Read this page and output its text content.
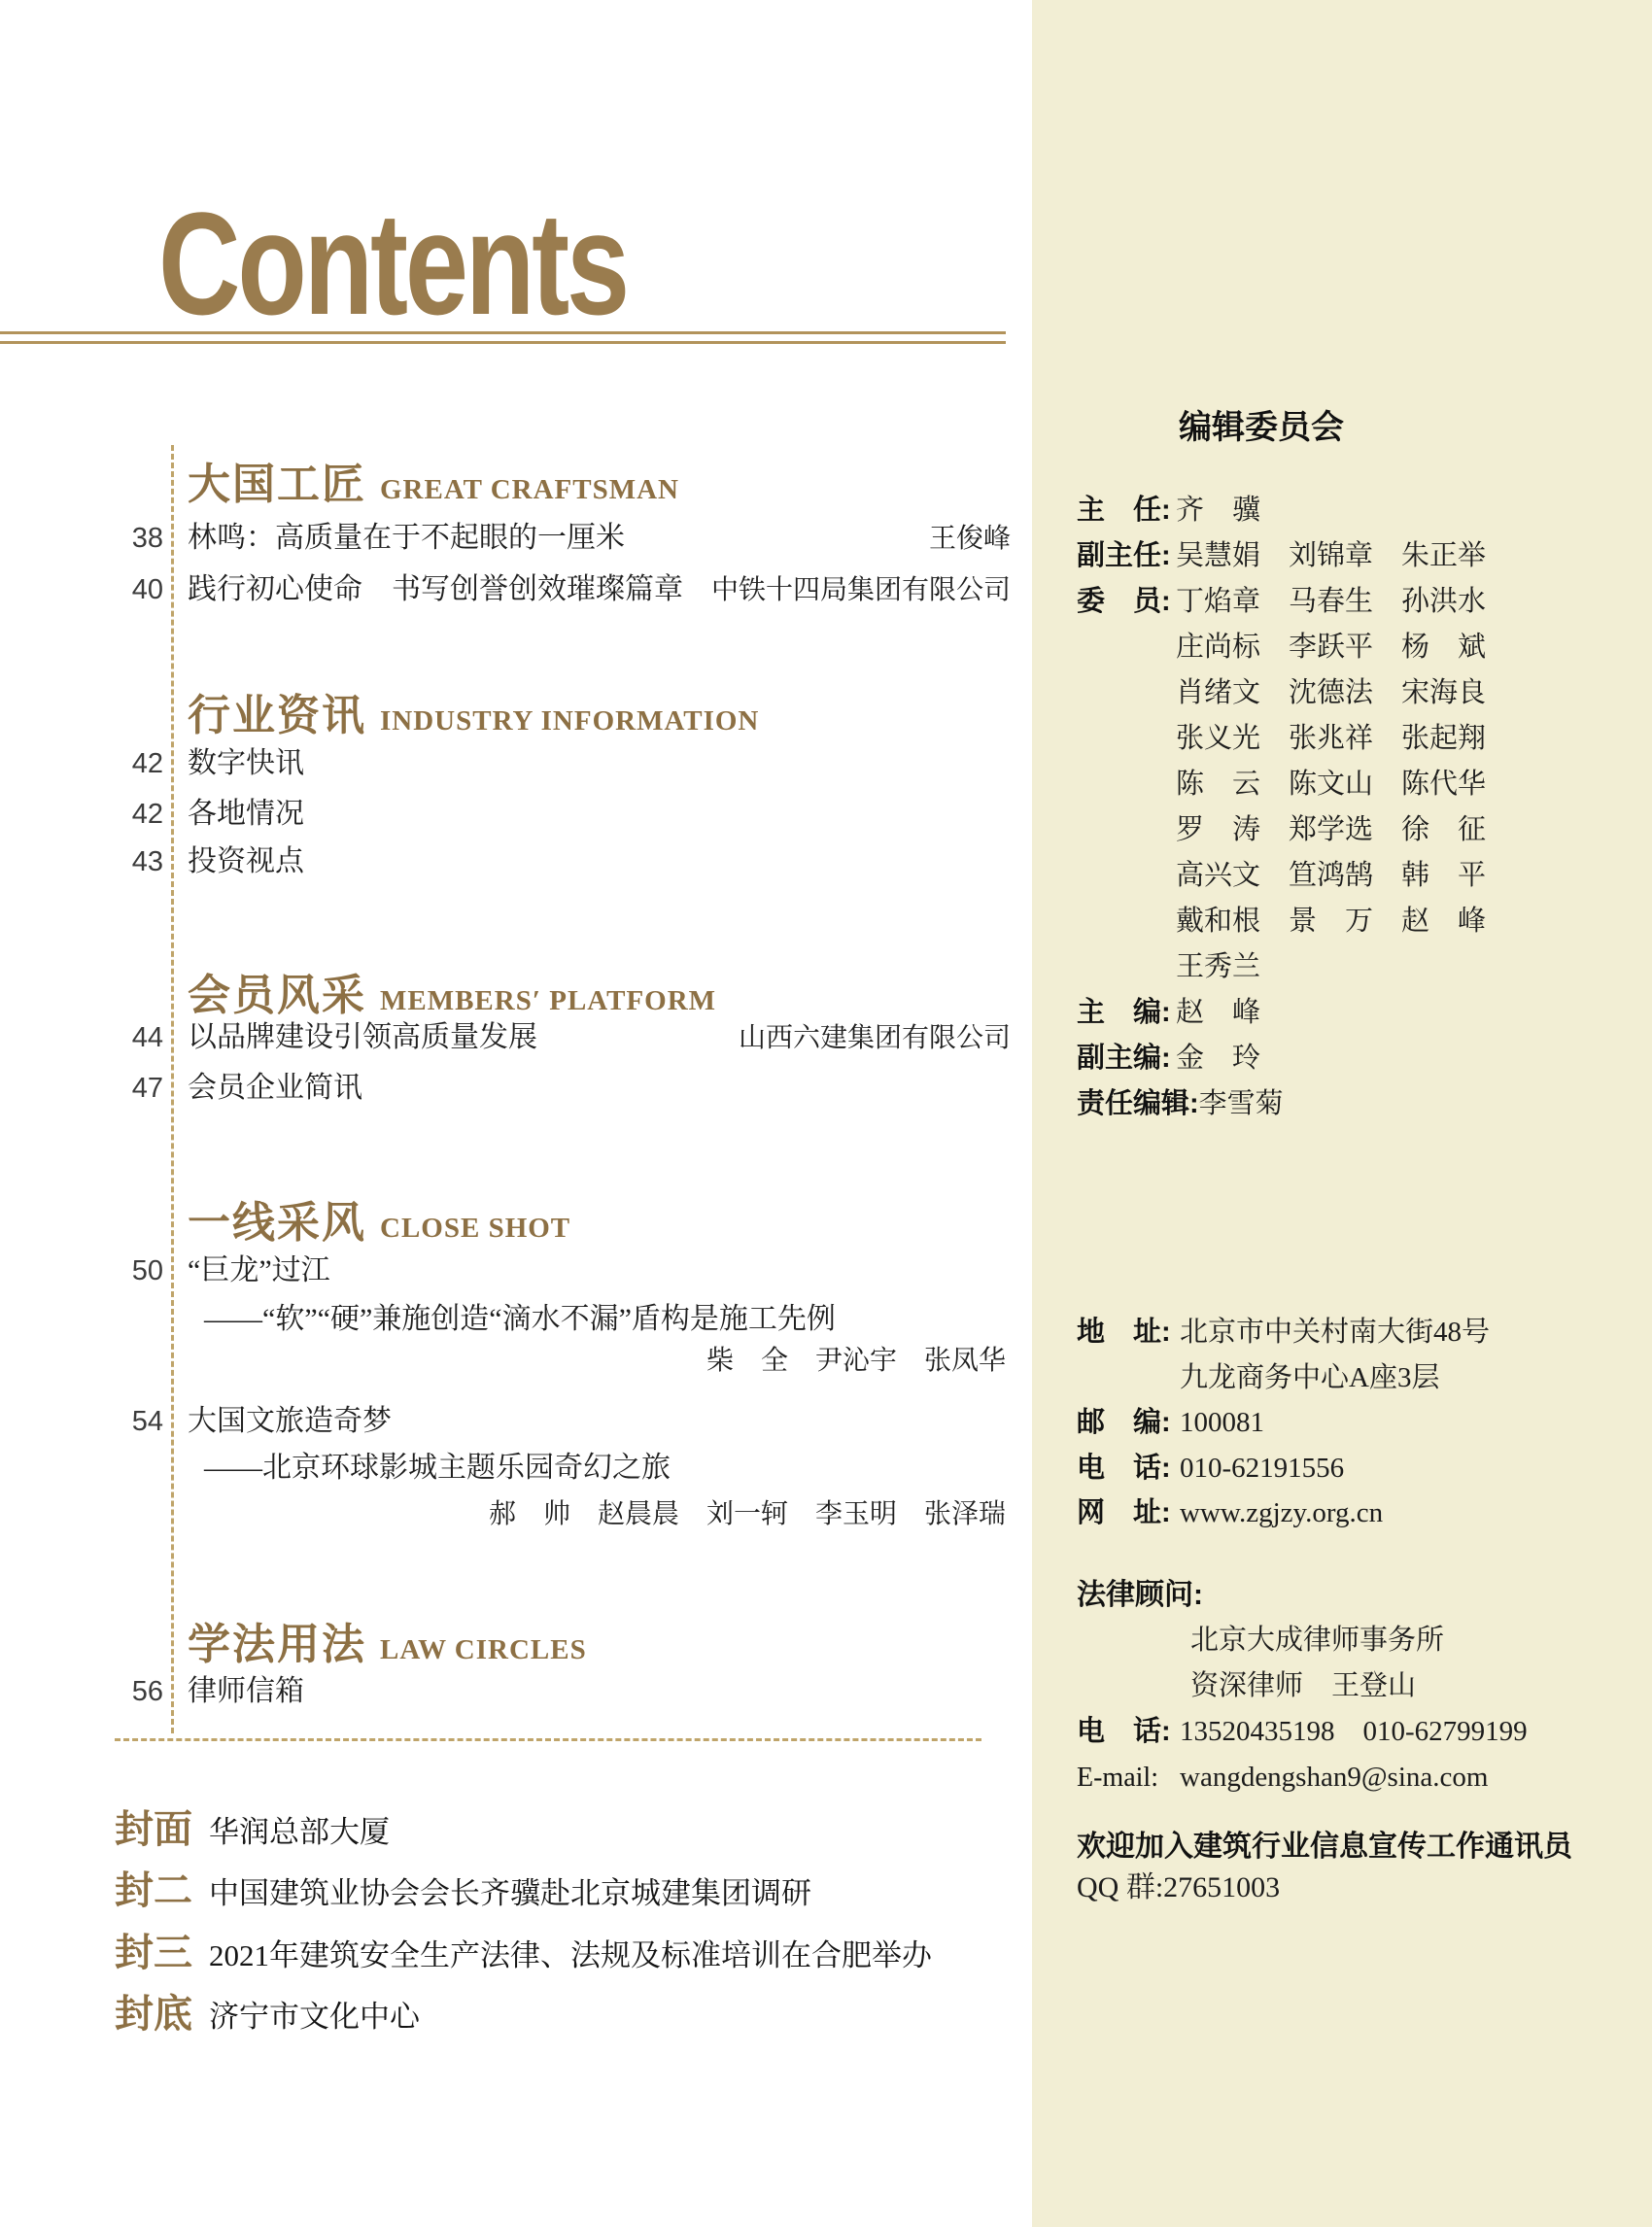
Contents
大国工匠 GREAT CRAFTSMAN
38 林鸣：高质量在于不起眼的一厘米	王俊峰
40 践行初心使命　书写创誉创效璀璨篇章 中铁十四局集团有限公司
行业资讯 INDUSTRY INFORMATION
42 数字快讯
42 各地情况
43 投资视点
会员风采 MEMBERS′ PLATFORM
44 以品牌建设引领高质量发展	山西六建集团有限公司
47 会员企业简讯
一线采风 CLOSE SHOT
50 “巨龙”过江
——“软”“硬”兼施创造“滴水不漏”盾构是施工先例
柴　全　尹沁宇　张凤华
54 大国文旅造奇梦
——北京环球影城主题乐园奇幻之旅
郝　帅　赵晨晨　刘一轲　李玉明　张泽瑞
学法用法 LAW CIRCLES
56 律师信箱
封面 华润总部大厦
封二 中国建筑业协会会长齐骥赴北京城建集团调研
封三 2021年建筑安全生产法律、法规及标准培训在合肥举办
封底 济宁市文化中心
编辑委员会
主　任: 齐　骥
副主任: 吴慧娟　刘锦章　朱正举
委　员: 丁焰章　马春生　孙洪水
庄尚标　李跃平　杨　斌
肖绪文　沈德法　宋海良
张义光　张兆祥　张起翔
陈　云　陈文山　陈代华
罗　涛　郑学选　徐　征
高兴文　笪鸿鹄　韩　平
戴和根　景　万　赵　峰
王秀兰
主　编: 赵　峰
副主编: 金　玲
责任编辑: 李雪菊
地　址: 北京市中关村南大街48号
九龙商务中心A座3层
邮　编: 100081
电　话: 010-62191556
网　址: www.zgjzy.org.cn
法律顾问:
北京大成律师事务所
资深律师　王登山
电　话: 13520435198　010-62799199
E-mail: wangdengshan9@sina.com
欢迎加入建筑行业信息宣传工作通讯员
QQ 群:27651003
